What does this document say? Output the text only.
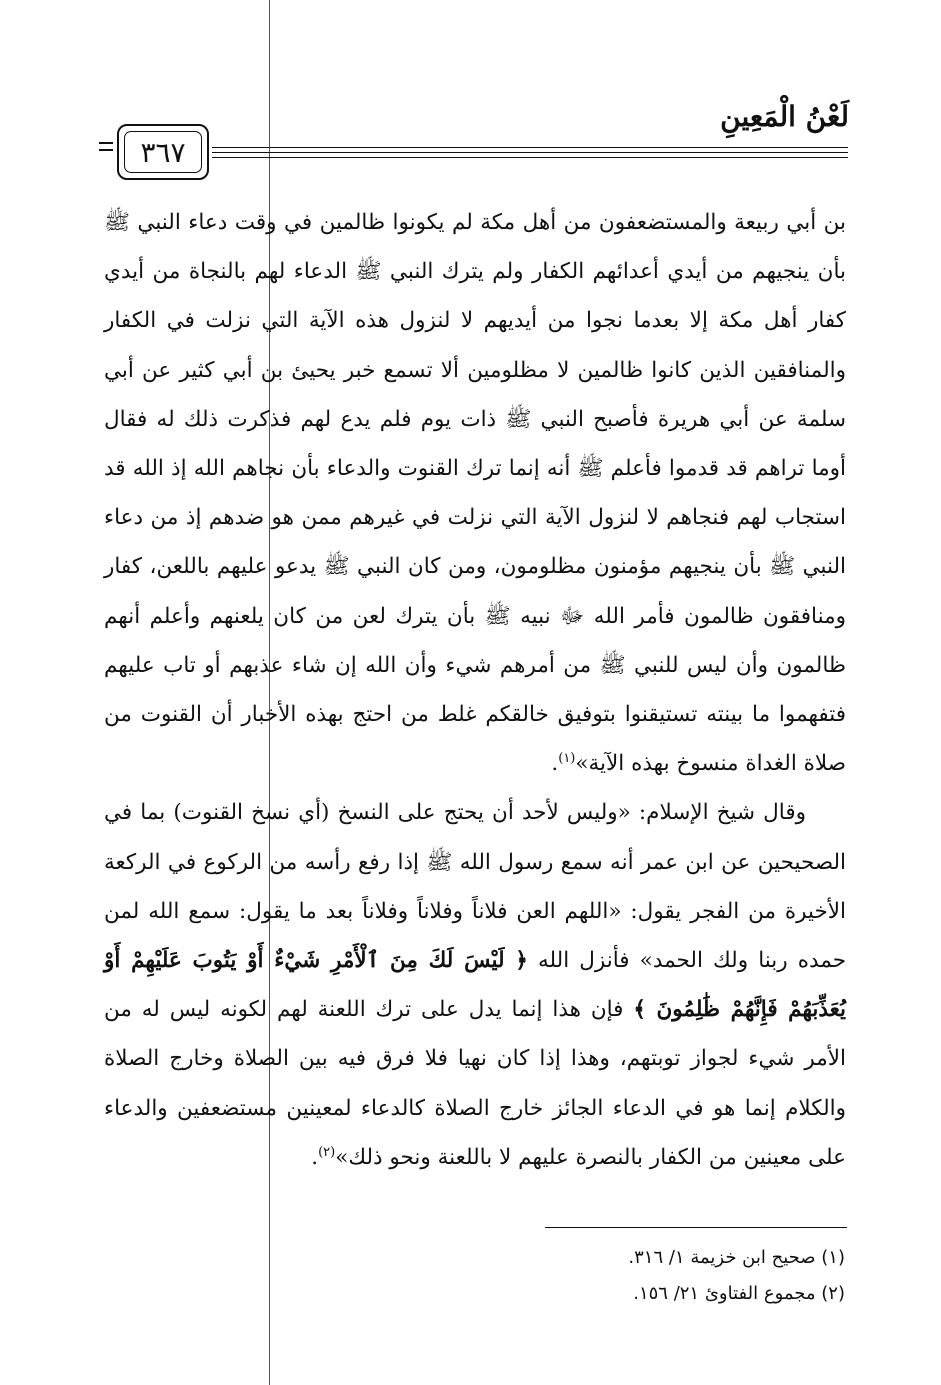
لَعْنُ الْمَعِينِ
٣٦٧

بن أبي ربيعة والمستضعفون من أهل مكة لم يكونوا ظالمين في وقت دعاء النبي ﷺ بأن ينجيهم من أيدي أعدائهم الكفار ولم يترك النبي ﷺ الدعاء لهم بالنجاة من أيدي كفار أهل مكة إلا بعدما نجوا من أيديهم لا لنزول هذه الآية التي نزلت في الكفار والمنافقين الذين كانوا ظالمين لا مظلومين ألا تسمع خبر يحيئ بن أبي كثير عن أبي سلمة عن أبي هريرة فأصبح النبي ﷺ ذات يوم فلم يدع لهم فذكرت ذلك له فقال أوما تراهم قد قدموا فأعلم ﷺ أنه إنما ترك القنوت والدعاء بأن نجاهم الله إذ الله قد استجاب لهم فنجاهم لا لنزول الآية التي نزلت في غيرهم ممن هو ضدهم إذ من دعاء النبي ﷺ بأن ينجيهم مؤمنون مظلومون، ومن كان النبي ﷺ يدعو عليهم باللعن، كفار ومنافقون ظالمون فأمر الله ﷻ نبيه ﷺ بأن يترك لعن من كان يلعنهم وأعلم أنهم ظالمون وأن ليس للنبي ﷺ من أمرهم شيء وأن الله إن شاء عذبهم أو تاب عليهم فتفهموا ما بينته تستيقنوا بتوفيق خالقكم غلط من احتج بهذه الأخبار أن القنوت من صلاة الغداة منسوخ بهذه الآية»$^{(١)}$.

وقال شيخ الإسلام: «وليس لأحد أن يحتج على النسخ (أي نسخ القنوت) بما في الصحيحين عن ابن عمر أنه سمع رسول الله ﷺ إذا رفع رأسه من الركوع في الركعة الأخيرة من الفجر يقول: «اللهم العن فلاناً وفلاناً وفلاناً بعد ما يقول: سمع الله لمن حمده ربنا ولك الحمد» فأنزل الله ﴿ لَيْسَ لَكَ مِنَ ٱلْأَمْرِ شَيْءٌ أَوْ يَتُوبَ عَلَيْهِمْ أَوْ يُعَذِّبَهُمْ فَإِنَّهُمْ ظَٰلِمُونَ ﴾ فإن هذا إنما يدل على ترك اللعنة لهم لكونه ليس له من الأمر شيء لجواز توبتهم، وهذا إذا كان نهيا فلا فرق فيه بين الصلاة وخارج الصلاة والكلام إنما هو في الدعاء الجائز خارج الصلاة كالدعاء لمعينين مستضعفين والدعاء على معينين من الكفار بالنصرة عليهم لا باللعنة ونحو ذلك»$^{(٢)}$.

(١) صحيح ابن خزيمة ١/ ٣١٦.
(٢) مجموع الفتاوئ ٢١/ ١٥٦.
